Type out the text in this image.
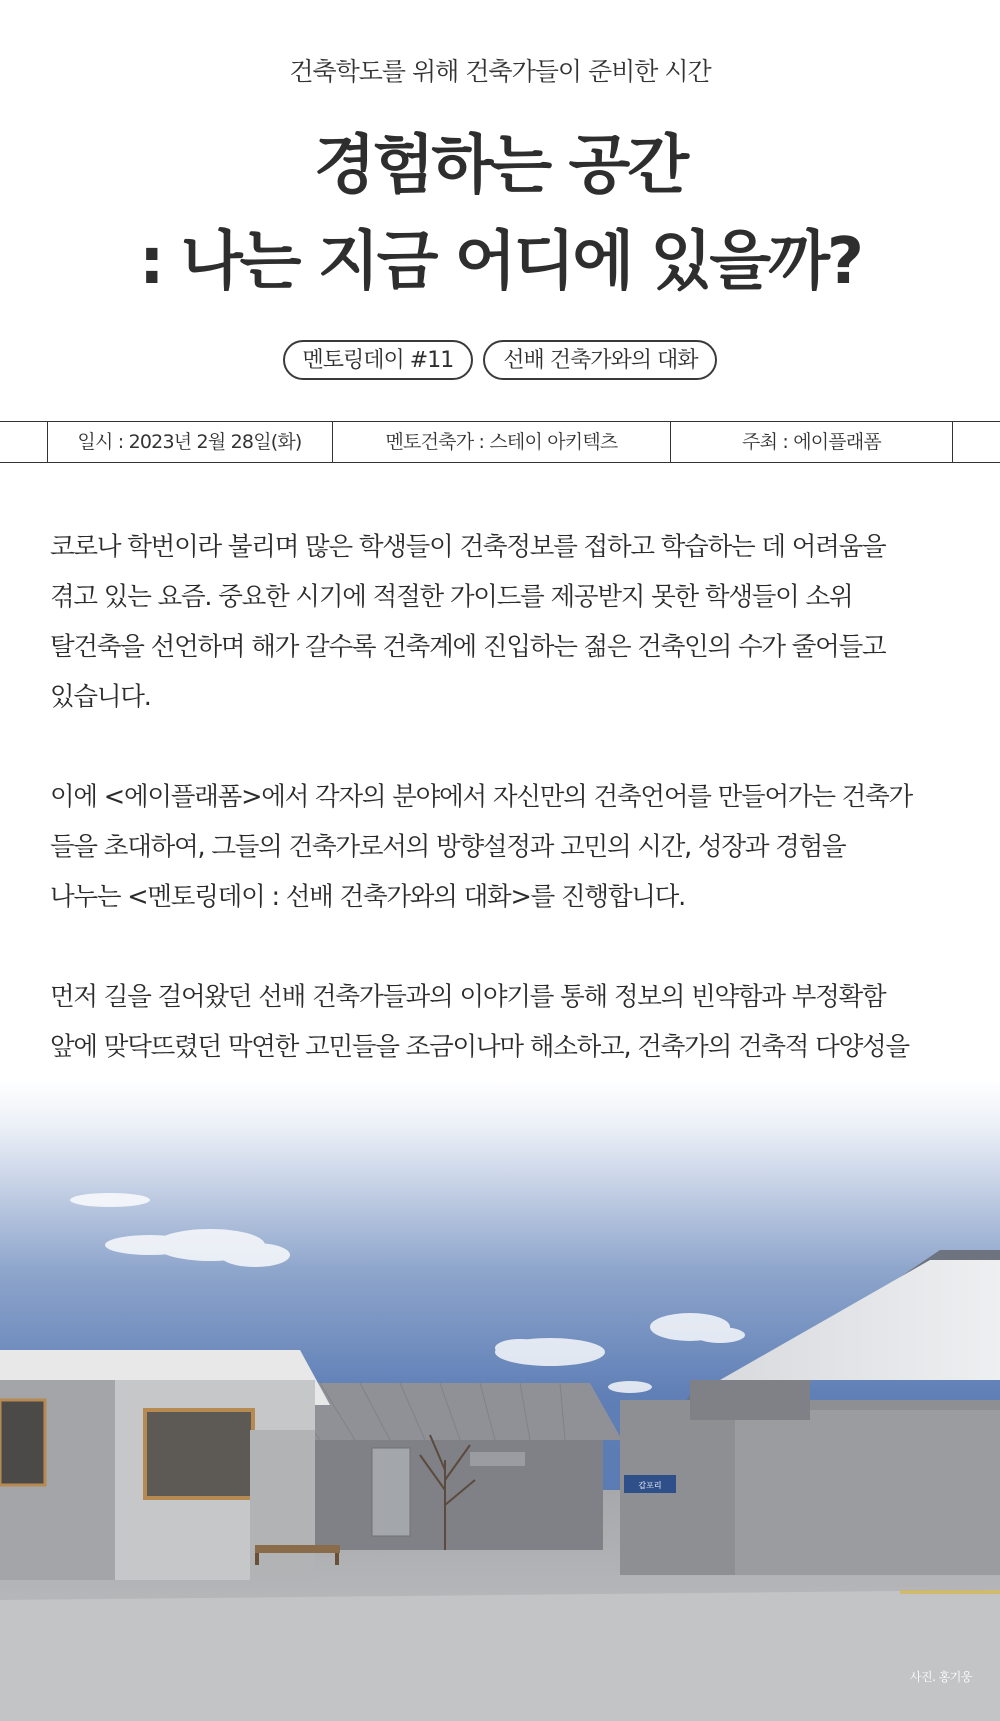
건축학도를 위해 건축가들이 준비한 시간
경험하는 공간
: 나는 지금 어디에 있을까?
멘토링데이 #11	선배 건축가와의 대화
일시 : 2023년 2월 28일(화)	멘토건축가 : 스테이 아키텍츠	주최 : 에이플래폼

코로나 학번이라 불리며 많은 학생들이 건축정보를 접하고 학습하는 데 어려움을
겪고 있는 요즘. 중요한 시기에 적절한 가이드를 제공받지 못한 학생들이 소위
탈건축을 선언하며 해가 갈수록 건축계에 진입하는 젊은 건축인의 수가 줄어들고
있습니다.

이에 <에이플래폼>에서 각자의 분야에서 자신만의 건축언어를 만들어가는 건축가
들을 초대하여, 그들의 건축가로서의 방향설정과 고민의 시간, 성장과 경험을
나누는 <멘토링데이 : 선배 건축가와의 대화>를 진행합니다.

먼저 길을 걸어왔던 선배 건축가들과의 이야기를 통해 정보의 빈약함과 부정확함
앞에 맞닥뜨렸던 막연한 고민들을 조금이나마 해소하고, 건축가의 건축적 다양성을

갑포리
사진. 홍기웅
